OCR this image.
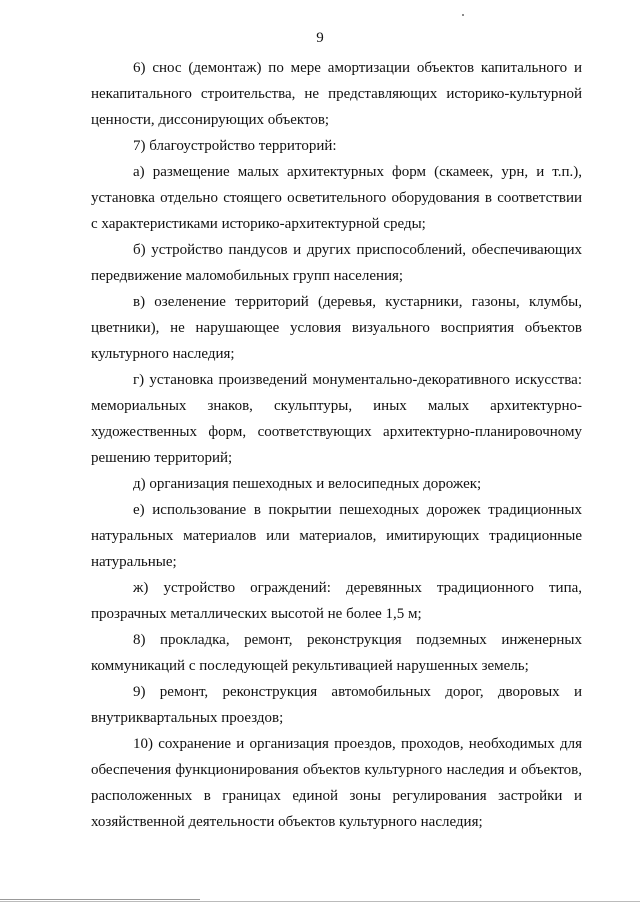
9

6) снос (демонтаж) по мере амортизации объектов капитального и некапитального строительства, не представляющих историко-культурной ценности, диссонирующих объектов;

7) благоустройство территорий:

а) размещение малых архитектурных форм (скамеек, урн, и т.п.), установка отдельно стоящего осветительного оборудования в соответствии с характеристиками историко-архитектурной среды;

б) устройство пандусов и других приспособлений, обеспечивающих передвижение маломобильных групп населения;

в) озеленение территорий (деревья, кустарники, газоны, клумбы, цветники), не нарушающее условия визуального восприятия объектов культурного наследия;

г) установка произведений монументально-декоративного искусства: мемориальных знаков, скульптуры, иных малых архитектурно-художественных форм, соответствующих архитектурно-планировочному решению территорий;

д) организация пешеходных и велосипедных дорожек;

е) использование в покрытии пешеходных дорожек традиционных натуральных материалов или материалов, имитирующих традиционные натуральные;

ж) устройство ограждений: деревянных традиционного типа, прозрачных металлических высотой не более 1,5 м;

8) прокладка, ремонт, реконструкция подземных инженерных коммуникаций с последующей рекультивацией нарушенных земель;

9) ремонт, реконструкция автомобильных дорог, дворовых и внутриквартальных проездов;

10) сохранение и организация проездов, проходов, необходимых для обеспечения функционирования объектов культурного наследия и объектов, расположенных в границах единой зоны регулирования застройки и хозяйственной деятельности объектов культурного наследия;
